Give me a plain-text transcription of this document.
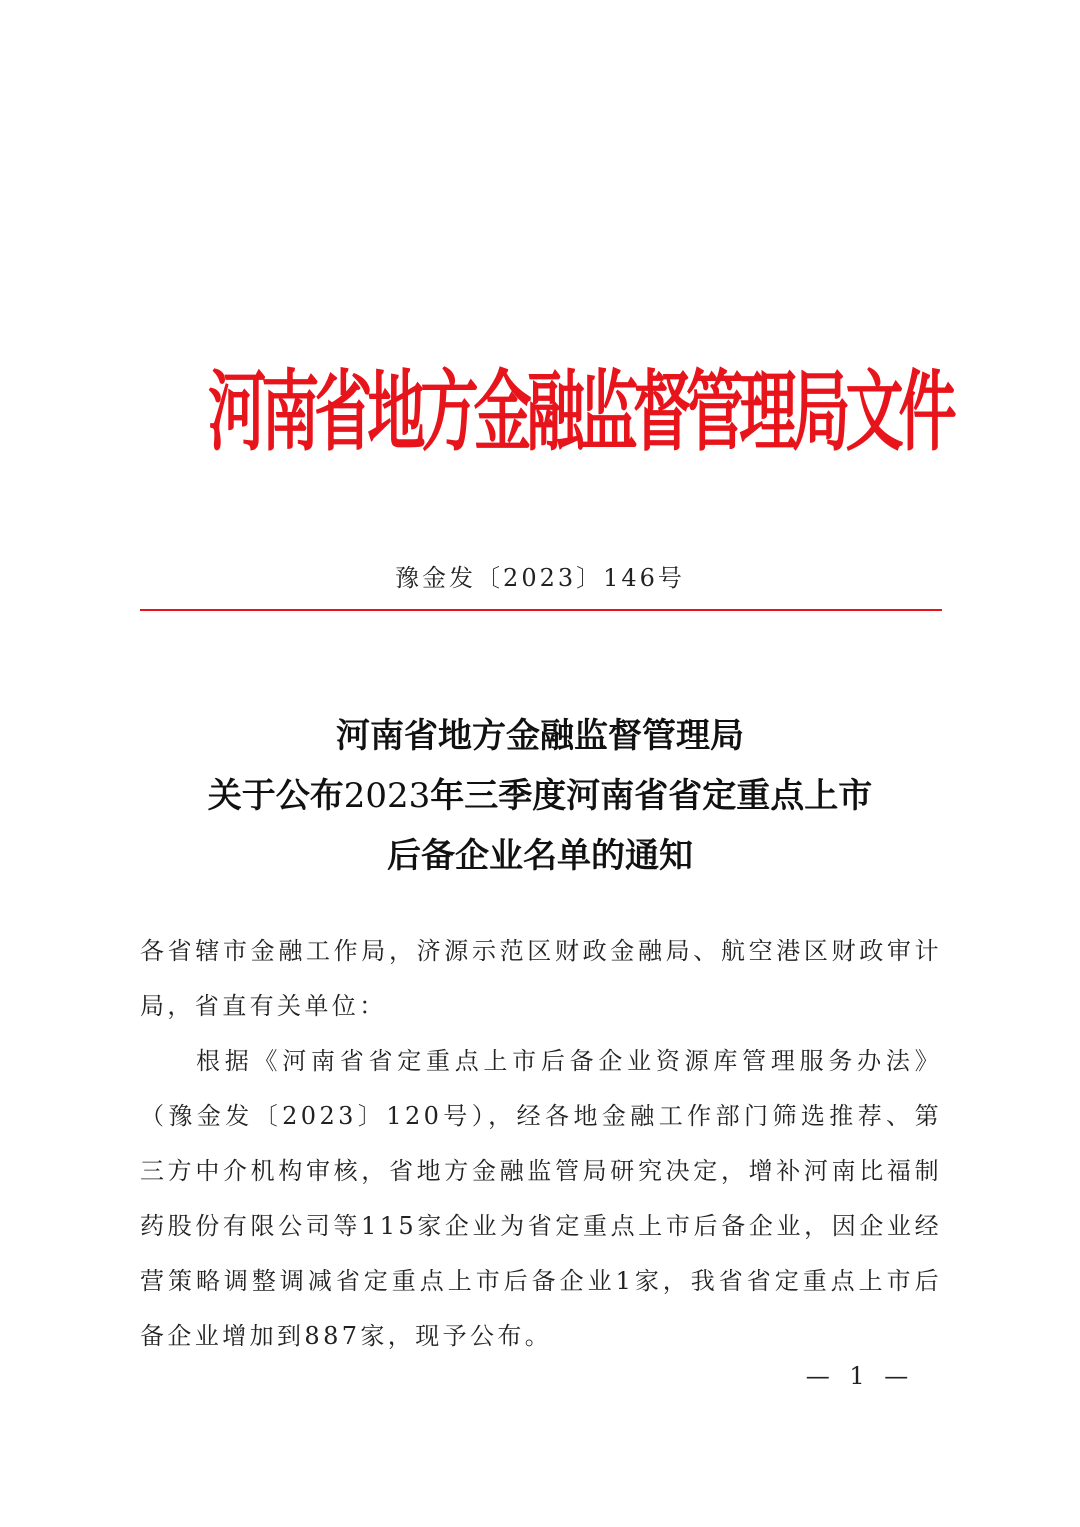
河南省地方金融监督管理局文件
豫金发〔2023〕146号
河南省地方金融监督管理局
关于公布2023年三季度河南省省定重点上市
后备企业名单的通知

各省辖市金融工作局，济源示范区财政金融局、航空港区财政审计局，省直有关单位：

根据《河南省省定重点上市后备企业资源库管理服务办法》（豫金发〔2023〕120号），经各地金融工作部门筛选推荐、第三方中介机构审核，省地方金融监管局研究决定，增补河南比福制药股份有限公司等115家企业为省定重点上市后备企业，因企业经营策略调整调减省定重点上市后备企业1家，我省省定重点上市后备企业增加到887家，现予公布。

— 1 —
